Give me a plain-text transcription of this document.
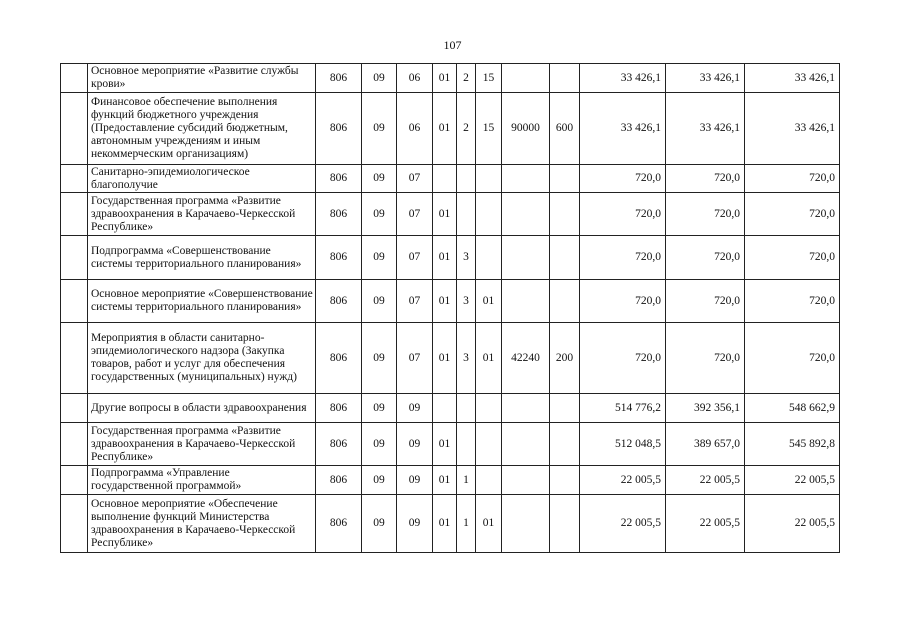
107
	Основное мероприятие «Развитие службы крови»	806	09	06	01	2	15			33 426,1	33 426,1	33 426,1
	Финансовое обеспечение выполнения функций бюджетного учреждения (Предоставление субсидий бюджетным, автономным учреждениям и иным некоммерческим организациям)	806	09	06	01	2	15	90000	600	33 426,1	33 426,1	33 426,1
	Санитарно-эпидемиологическое благополучие	806	09	07						720,0	720,0	720,0
	Государственная программа «Развитие здравоохранения в Карачаево-Черкесской Республике»	806	09	07	01					720,0	720,0	720,0
	Подпрограмма «Совершенствование системы территориального планирования»	806	09	07	01	3				720,0	720,0	720,0
	Основное мероприятие «Совершенствование системы территориального планирования»	806	09	07	01	3	01			720,0	720,0	720,0
	Мероприятия в области санитарно-эпидемиологического надзора (Закупка товаров, работ и услуг для обеспечения государственных (муниципальных) нужд)	806	09	07	01	3	01	42240	200	720,0	720,0	720,0
	Другие вопросы в области здравоохранения	806	09	09						514 776,2	392 356,1	548 662,9
	Государственная программа «Развитие здравоохранения в Карачаево-Черкесской Республике»	806	09	09	01					512 048,5	389 657,0	545 892,8
	Подпрограмма «Управление государственной программой»	806	09	09	01	1				22 005,5	22 005,5	22 005,5
	Основное мероприятие «Обеспечение выполнение функций Министерства здравоохранения в Карачаево-Черкесской Республике»	806	09	09	01	1	01			22 005,5	22 005,5	22 005,5
